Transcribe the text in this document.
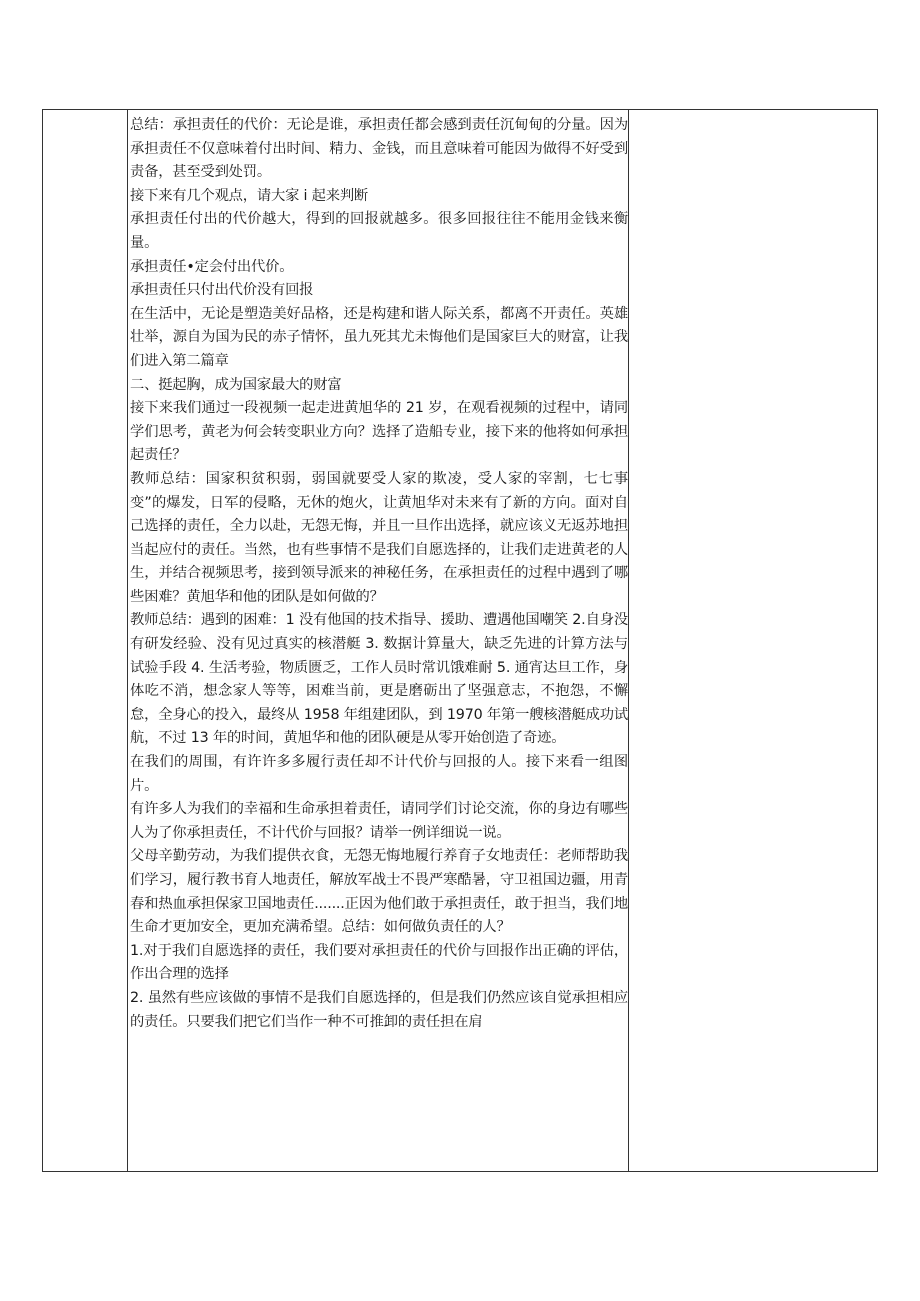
总结：承担责任的代价：无论是谁，承担责任都会感到责任沉甸甸的分量。因为承担责任不仅意味着付出时间、精力、金钱，而且意味着可能因为做得不好受到责备，甚至受到处罚。

接下来有几个观点，请大家 i 起来判断

承担责任付出的代价越大，得到的回报就越多。很多回报往往不能用金钱来衡量。

承担责任•定会付出代价。

承担责任只付出代价没有回报

在生活中，无论是塑造美好品格，还是构建和谐人际关系，都离不开责任。英雄壮举，源自为国为民的赤子情怀，虽九死其尤未悔他们是国家巨大的财富，让我们进入第二篇章

二、挺起胸，成为国家最大的财富

接下来我们通过一段视频一起走进黄旭华的 21 岁，在观看视频的过程中，请同学们思考，黄老为何会转变职业方向？选择了造船专业，接下来的他将如何承担起责任？

教师总结：国家积贫积弱，弱国就要受人家的欺凌，受人家的宰割，七七事变”的爆发，日军的侵略，无休的炮火，让黄旭华对未来有了新的方向。面对自己选择的责任，全力以赴，无怨无悔，并且一旦作出选择，就应该义无返苏地担当起应付的责任。当然，也有些事情不是我们自愿选择的，让我们走进黄老的人生，并结合视频思考，接到领导派来的神秘任务，在承担责任的过程中遇到了哪些困难？黄旭华和他的团队是如何做的？

教师总结：遇到的困难：1 没有他国的技术指导、援助、遭遇他国嘲笑 2.自身没有研发经验、没有见过真实的核潜艇 3. 数据计算量大，缺乏先进的计算方法与试验手段 4. 生活考验，物质匮乏，工作人员时常讥饿难耐 5. 通宵达旦工作，身体吃不消，想念家人等等，困难当前，更是磨砺出了坚强意志，不抱怨，不懈怠，全身心的投入，最终从 1958 年组建团队，到 1970 年第一艘核潜艇成功试航，不过 13 年的时间，黄旭华和他的团队硬是从零开始创造了奇迹。

在我们的周围，有许许多多履行责任却不计代价与回报的人。接下来看一组图片。

有许多人为我们的幸福和生命承担着责任，请同学们讨论交流，你的身边有哪些人为了你承担责任，不计代价与回报？请举一例详细说一说。

父母辛勤劳动，为我们提供衣食，无怨无悔地履行养育子女地责任：老师帮助我们学习，履行教书育人地责任，解放军战士不畏严寒酷暑，守卫祖国边疆，用青春和热血承担保家卫国地责任.......正因为他们敢于承担责任，敢于担当，我们地生命才更加安全，更加充满希望。总结：如何做负责任的人？

1.对于我们自愿选择的责任，我们要对承担责任的代价与回报作出正确的评估，作出合理的选择

2. 虽然有些应该做的事情不是我们自愿选择的，但是我们仍然应该自觉承担相应的责任。只要我们把它们当作一种不可推卸的责任担在肩
